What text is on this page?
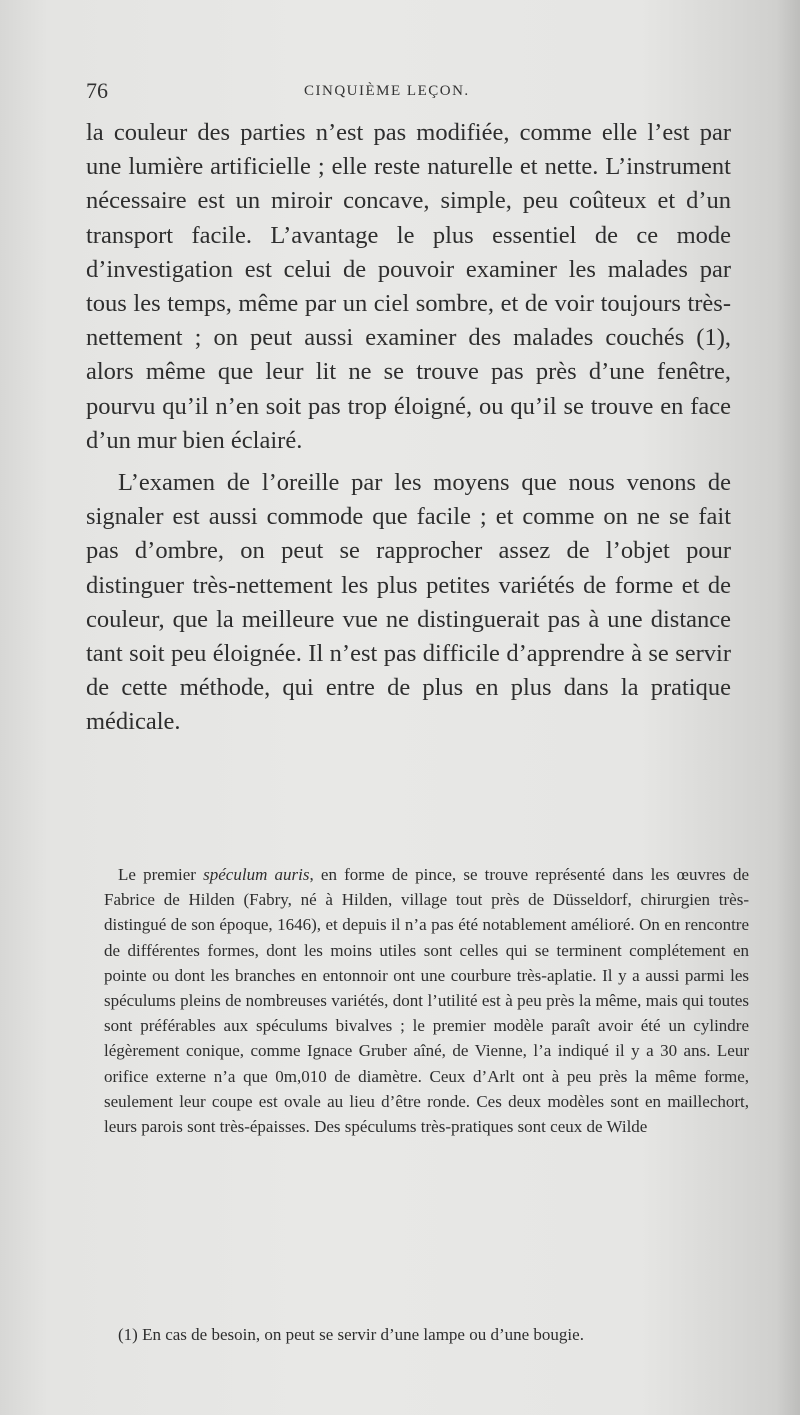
76	CINQUIÈME LEÇON.

la couleur des parties n’est pas modifiée, comme elle l’est par une lumière artificielle ; elle reste naturelle et nette. L’instrument nécessaire est un miroir concave, simple, peu coûteux et d’un transport facile. L’avantage le plus essentiel de ce mode d’investigation est celui de pouvoir examiner les malades par tous les temps, même par un ciel sombre, et de voir toujours très-nettement ; on peut aussi examiner des malades couchés (1), alors même que leur lit ne se trouve pas près d’une fenêtre, pourvu qu’il n’en soit pas trop éloigné, ou qu’il se trouve en face d’un mur bien éclairé.

L’examen de l’oreille par les moyens que nous venons de signaler est aussi commode que facile ; et comme on ne se fait pas d’ombre, on peut se rapprocher assez de l’objet pour distinguer très-nettement les plus petites variétés de forme et de couleur, que la meilleure vue ne distinguerait pas à une distance tant soit peu éloignée. Il n’est pas difficile d’apprendre à se servir de cette méthode, qui entre de plus en plus dans la pratique médicale.

Le premier spéculum auris, en forme de pince, se trouve représenté dans les œuvres de Fabrice de Hilden (Fabry, né à Hilden, village tout près de Düsseldorf, chirurgien très-distingué de son époque, 1646), et depuis il n’a pas été notablement amélioré. On en rencontre de différentes formes, dont les moins utiles sont celles qui se terminent complétement en pointe ou dont les branches en entonnoir ont une courbure très-aplatie. Il y a aussi parmi les spéculums pleins de nombreuses variétés, dont l’utilité est à peu près la même, mais qui toutes sont préférables aux spéculums bivalves ; le premier modèle paraît avoir été un cylindre légèrement conique, comme Ignace Gruber aîné, de Vienne, l’a indiqué il y a 30 ans. Leur orifice externe n’a que 0m,010 de diamètre. Ceux d’Arlt ont à peu près la même forme, seulement leur coupe est ovale au lieu d’être ronde. Ces deux modèles sont en maillechort, leurs parois sont très-épaisses. Des spéculums très-pratiques sont ceux de Wilde
(1) En cas de besoin, on peut se servir d’une lampe ou d’une bougie.
